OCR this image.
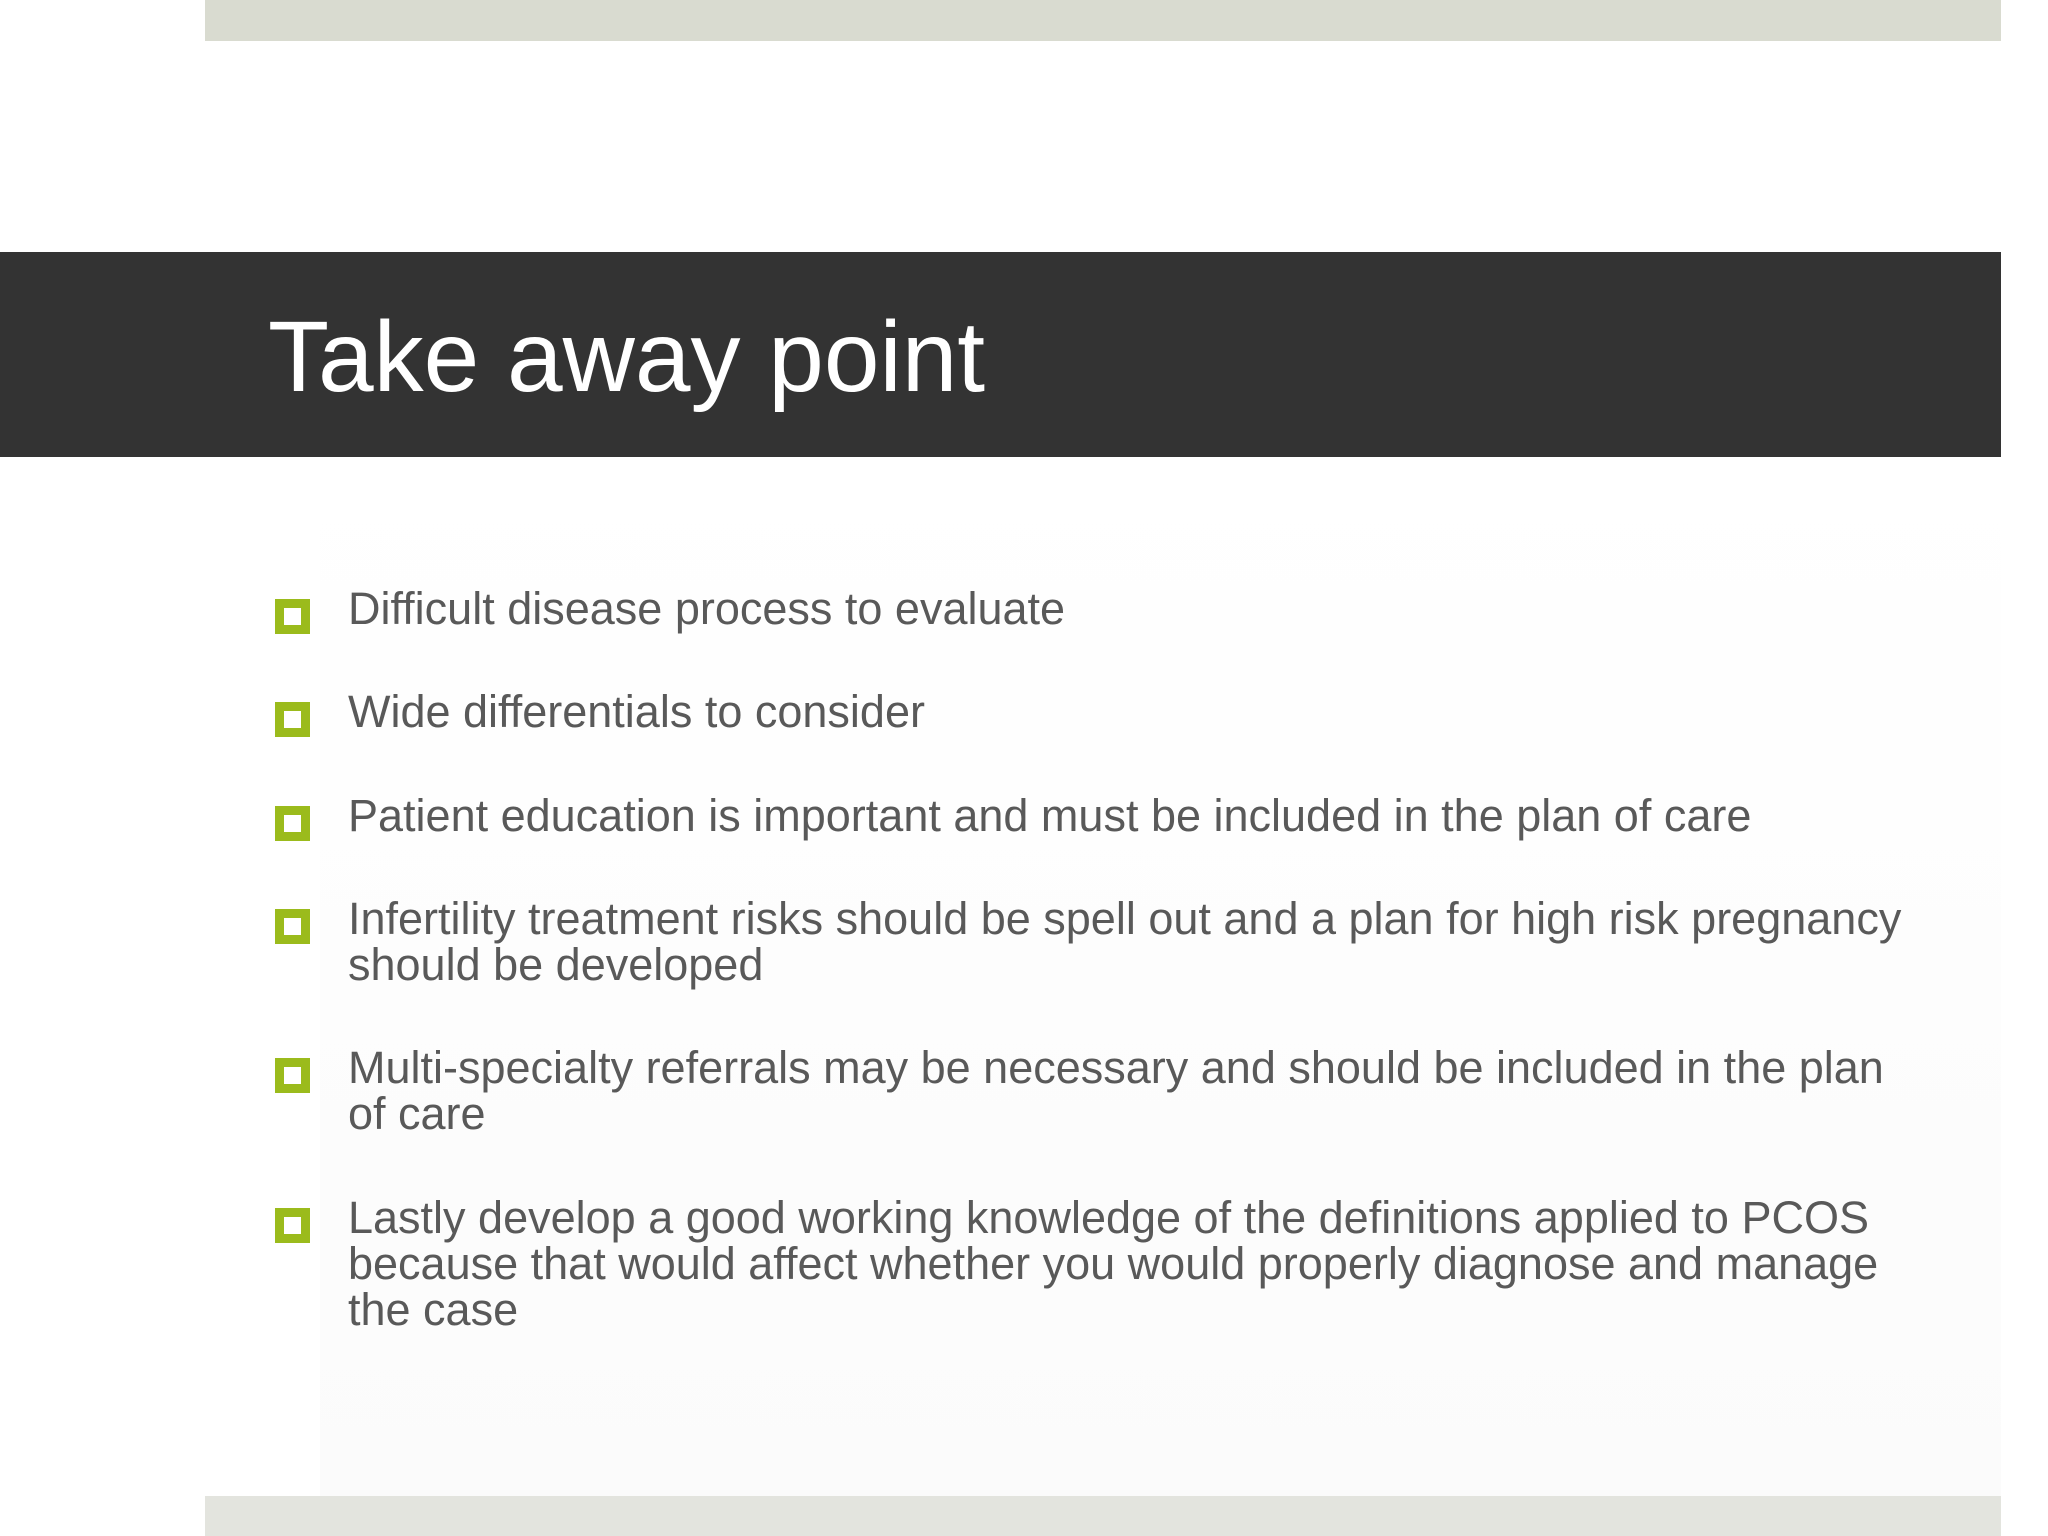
Take away point
Difficult disease process to evaluate
Wide differentials to consider
Patient education is important and must be included in the plan of care
Infertility treatment risks should be spell out and a plan for high risk pregnancy should be developed
Multi-specialty referrals may be necessary and should be included in the plan of care
Lastly develop a good working knowledge of the definitions applied to PCOS because that would affect whether you would properly diagnose and manage the case
